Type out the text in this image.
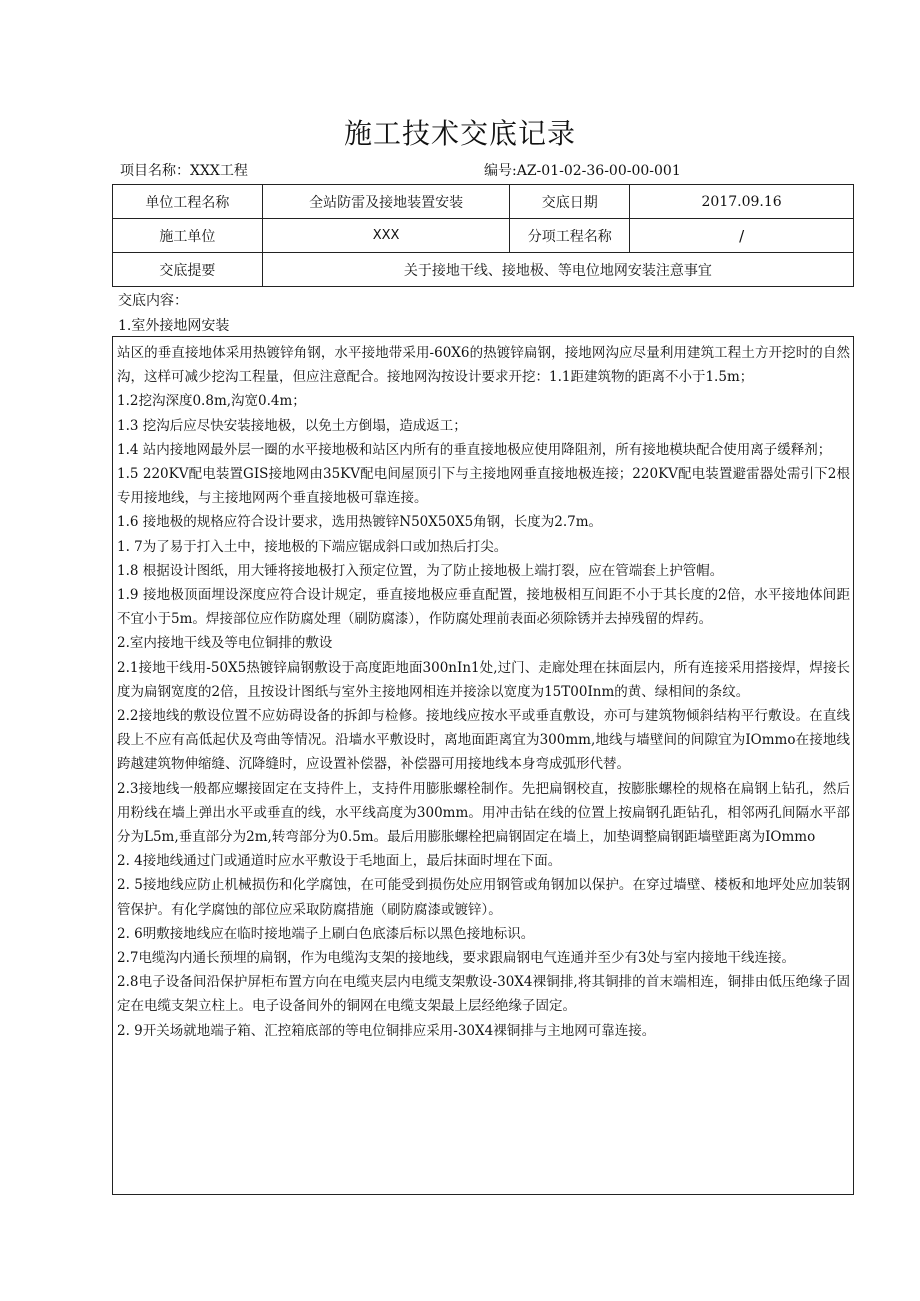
施工技术交底记录
项目名称：XXX工程	编号:AZ-01-02-36-00-00-001
单位工程名称	全站防雷及接地装置安装	交底日期	2017.09.16
施工单位	XXX	分项工程名称	/
交底提要	关于接地干线、接地极、等电位地网安装注意事宜		
交底内容：
1.室外接地网安装

站区的垂直接地体采用热镀锌角钢，水平接地带采用-60X6的热镀锌扁钢，接地网沟应尽量利用建筑工程土方开挖时的自然沟，这样可减少挖沟工程量，但应注意配合。接地网沟按设计要求开挖：1.1距建筑物的距离不小于1.5m；

1.2挖沟深度0.8m,沟宽0.4m；

1.3 挖沟后应尽快安装接地极，以免土方倒塌，造成返工；

1.4 站内接地网最外层一圈的水平接地极和站区内所有的垂直接地极应使用降阻剂，所有接地模块配合使用离子缓释剂；

1.5 220KV配电装置GIS接地网由35KV配电间屋顶引下与主接地网垂直接地极连接；220KV配电装置避雷器处需引下2根专用接地线，与主接地网两个垂直接地极可靠连接。

1.6 接地极的规格应符合设计要求，选用热镀锌N50X50X5角钢，长度为2.7m。

1. 7为了易于打入土中，接地极的下端应锯成斜口或加热后打尖。

1.8 根据设计图纸，用大锤将接地极打入预定位置，为了防止接地极上端打裂，应在管端套上护管帽。

1.9 接地极顶面埋设深度应符合设计规定，垂直接地极应垂直配置，接地极相互间距不小于其长度的2倍，水平接地体间距不宜小于5m。焊接部位应作防腐处理（刷防腐漆），作防腐处理前表面必须除锈并去掉残留的焊药。

2.室内接地干线及等电位铜排的敷设

2.1接地干线用-50X5热镀锌扁钢敷设于高度距地面300nIn1处,过门、走廊处理在抹面层内，所有连接采用搭接焊，焊接长度为扁钢宽度的2倍，且按设计图纸与室外主接地网相连并接涂以宽度为15T00Inm的黄、绿相间的条纹。

2.2接地线的敷设位置不应妨碍设备的拆卸与检修。接地线应按水平或垂直敷设，亦可与建筑物倾斜结构平行敷设。在直线段上不应有高低起伏及弯曲等情况。沿墙水平敷设时，离地面距离宜为300mm,地线与墙壁间的间隙宜为IOmmo在接地线跨越建筑物伸缩缝、沉降缝时，应设置补偿器，补偿器可用接地线本身弯成弧形代替。

2.3接地线一般都应螺接固定在支持件上，支持件用膨胀螺栓制作。先把扁钢校直，按膨胀螺栓的规格在扁钢上钻孔，然后用粉线在墙上弹出水平或垂直的线，水平线高度为300mm。用冲击钻在线的位置上按扁钢孔距钻孔，相邻两孔间隔水平部分为L5m,垂直部分为2m,转弯部分为0.5m。最后用膨胀螺栓把扁钢固定在墙上，加垫调整扁钢距墙壁距离为IOmmo

2. 4接地线通过门或通道时应水平敷设于毛地面上，最后抹面时埋在下面。

2. 5接地线应防止机械损伤和化学腐蚀，在可能受到损伤处应用钢管或角钢加以保护。在穿过墙壁、楼板和地坪处应加装钢管保护。有化学腐蚀的部位应采取防腐措施（刷防腐漆或镀锌）。

2. 6明敷接地线应在临时接地端子上刷白色底漆后标以黑色接地标识。

2.7电缆沟内通长预埋的扁钢，作为电缆沟支架的接地线，要求跟扁钢电气连通并至少有3处与室内接地干线连接。

2.8电子设备间沿保护屏柜布置方向在电缆夹层内电缆支架敷设-30X4裸铜排,将其铜排的首末端相连，铜排由低压绝缘子固定在电缆支架立柱上。电子设备间外的铜网在电缆支架最上层经绝缘子固定。

2. 9开关场就地端子箱、汇控箱底部的等电位铜排应采用-30X4裸铜排与主地网可靠连接。
